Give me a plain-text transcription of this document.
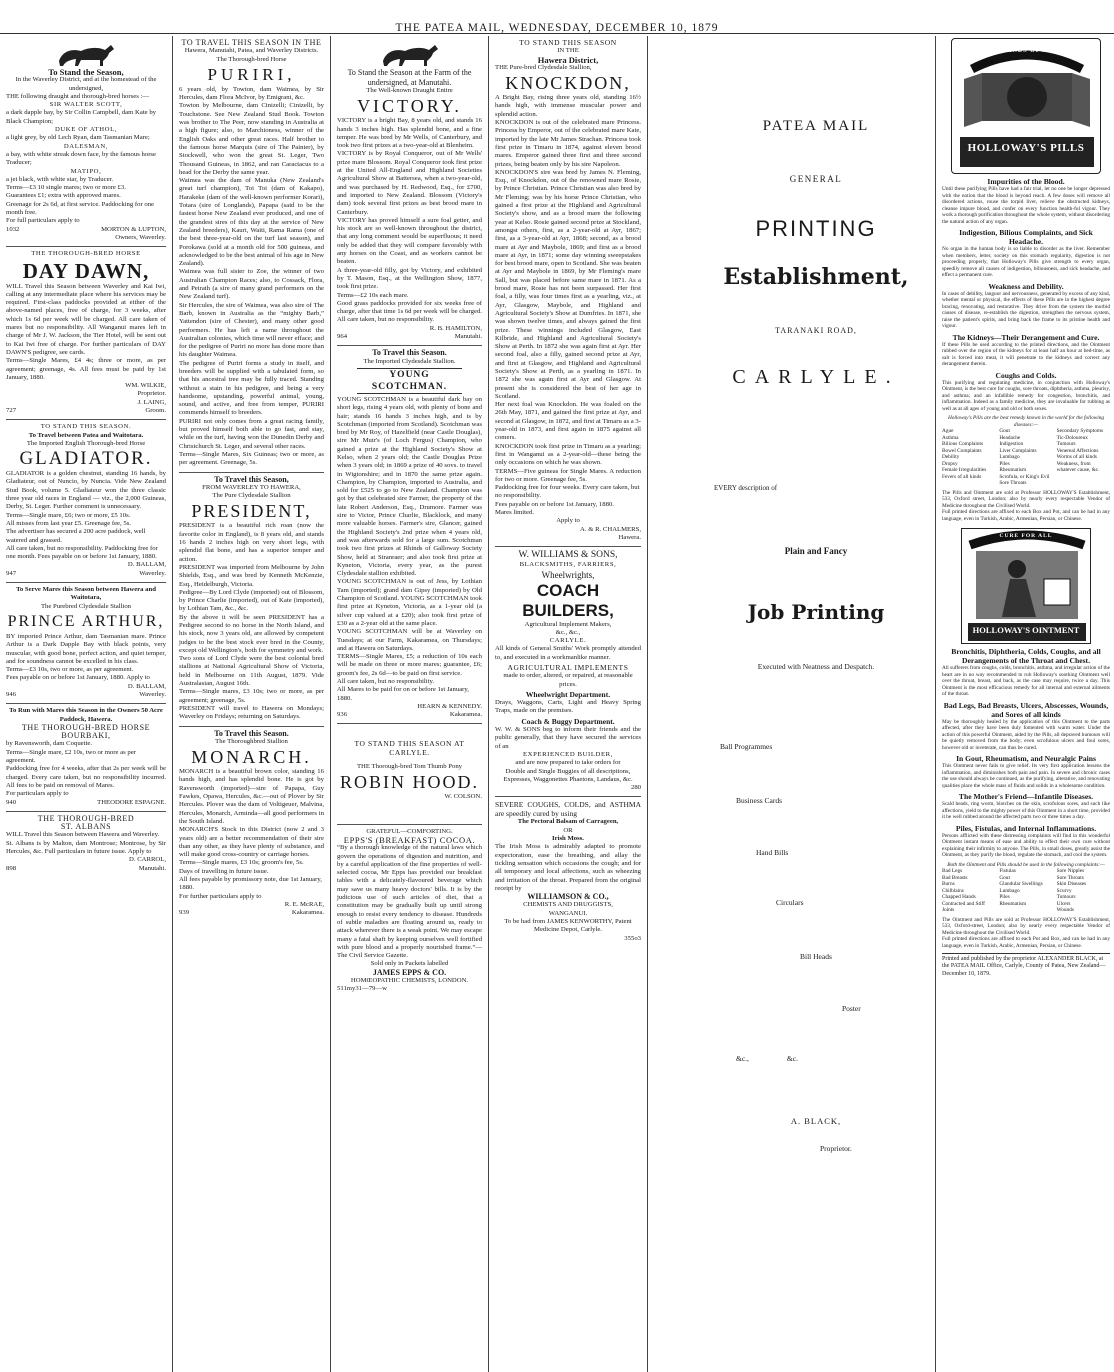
THE PATEA MAIL, WEDNESDAY, DECEMBER 10, 1879
To Stand the Season,
In the Waverley District, and at the homestead of the undersigned,
THE following draught and thorough-bred horses :—
SIR WALTER SCOTT,
a dark dapple bay, by Sir Collin Campbell, dam Kate by Black Champion;
DUKE OF ATHOL,
a light grey, by old Lech Ryan, dam Tasmanian Mare;
DALESMAN,
a bay, with white streak down face, by the famous horse Traducer;
MATIPO,
a jet black, with white star, by Traducer.
Terms—£3 10 single mares; two or more £3.
Guarantees £1; extra with approved mares.
Greenage for 2s 6d, at first service. Paddocking for one month free.
For full particulars apply to
1032	MORTON & LUPTON,
Owners, Waverley.
THE THOROUGH-BRED HORSE
DAY DAWN,
WILL Travel this Season between Waverley and Kai Iwi, calling at any intermediate place where his services may be required. First-class paddocks provided at either of the above-named places, free of charge, for 3 weeks, after which 1s 6d per week will be charged. All care taken of mares but no responsibility. All Wanganui mares left in charge of Mr J. W. Jackson, the Tier Hotel, will be sent out to Kai Iwi free of charge. For further particulars of DAY DAWN'S pedigree, see cards.
Terms—Single Mares, £4 4s; three or more, as per agreement; greenage, 4s. All fees must be paid by 1st January, 1880.
WM. WILKIE,
Proprietor.
J. LAING,
727	Groom.
TO STAND THIS SEASON.
To Travel between Patea and Waitotara.
The Imported English Thorough-bred Horse
GLADIATOR.
GLADIATOR is a golden chestnut, standing 16 hands, by Gladiateur, out of Nuncio, by Nuncia. Vide New Zealand Stud Book, volume 5. Gladiateur won the three classic three year old races in England — viz., the 2,000 Guineas, Derby, St. Leger. Further comment is unnecessary.
Terms—Single mare, £6; two or more, £5 10s.
All misses from last year £5. Greenage fee, 5s.
The advertiser has secured a 200 acre paddock, well watered and grassed.
All care taken, but no responsibility. Paddocking free for one month. Fees payable on or before 1st January, 1880.
D. BALLAM,
947	Waverley.
To Serve Mares this Season between Hawera and Waitotara,
The Purebred Clydesdale Stallion
PRINCE ARTHUR,
BY imported Prince Arthur, dam Tasmanian mare. Prince Arthur is a Dark Dapple Bay with black points, very muscular, with good bone, perfect action, and quiet temper, and for soundness cannot be excelled in his class.
Terms—£3 10s, two or more, as per agreement.
Fees payable on or before 1st January, 1880. Apply to
D. BALLAM,
946	Waverley.
To Run with Mares this Season in the Owners 50 Acre Paddock, Hawera.
THE THOROUGH-BRED HORSE
BOURBAKI,
by Ravensworth, dam Coquette.
Terms—Single mare, £2 10s, two or more as per agreement.
Paddocking free for 4 weeks, after that 2s per week will be charged. Every care taken, but no responsibility incurred. All fees to be paid on removal of Mares.
For particulars apply to
940	THEODORE ESPAGNE.
THE THOROUGH-BRED
ST. ALBANS
WILL Travel this Season between Hawera and Waverley.
St. Albans is by Malton, dam Montrose; Montrose, by Sir Hercules, &c. Full particulars in future issue. Apply to
D. CARROL,
898	Manutahi.
TO TRAVEL THIS SEASON IN THE
Hawera, Manutahi, Patea, and Waverley Districts.
The Thorough-bred Horse
PURIRI,
6 years old, by Towton, dam Waimea, by Sir Hercules, dam Flora McIvor, by Emigrant, &c.
Towton by Melbourne, dam Cinizelli; Cinizelli, by Touchstone. See New Zealand Stud Book. Towton was brother to The Peer, now standing in Australia at a high figure; also, to Marchioness, winner of the English Oaks and other great races. Half brother to the famous horse Marquis (sire of The Painter), by Stockwell, who won the great St. Leger, Two Thousand Guineas, in 1862, and ran Caractacus to a head for the Derby the same year.
Waimea was the dam of Manuka (New Zealand's great turf champion), Toi Toi (dam of Kakapo), Harakeke (dam of the well-known performer Korari), Totara (sire of Longlands), Papapa (said to be the fastest horse New Zealand ever produced, and one of the grandest sires of this day at the service of New Zealand breeders), Kauri, Waiti, Rama Rama (one of the best three-year-old on the turf last season), and Porokawa (sold at a month old for 500 guineas, and acknowledged to be the best animal of his age in New Zealand).
Waimea was full sister to Zoe, the winner of two Australian Champion Races; also, to Cossack, Flora, and Peirath (a sire of many grand performers on the New Zealand turf).
Sir Hercules, the sire of Waimea, was also sire of The Barb, known in Australia as the “mighty Barb,” Yattendon (sire of Chester), and many other good performers. He has left a name throughout the Australian colonies, which time will never efface; and for the pedigree of Puriri no more has done more than his daughter Waimea.
The pedigree of Puriri forms a study in itself, and breeders will be supplied with a tabulated form, so that his ancestral tree may be fully traced. Standing without a stain in his pedigree, and being a very handsome, upstanding, powerful animal, young, sound, and active, and free from temper, PURIRI commends himself to breeders.
PURIRI not only comes from a great racing family, but proved himself both able to go fast, and stay, while on the turf, having won the Dunedin Derby and Christchurch St. Leger, and several other races.
Terms—Single Mares, Six Guineas; two or more, as per agreement. Greenage, 5s.
To Travel this Season,
FROM WAVERLEY TO HAWERA,
The Pure Clydesdale Stallion
PRESIDENT,
PRESIDENT is a beautiful rich roan (now the favorite color in England), is 8 years old, and stands 16 hands 2 inches high on very short legs, with splendid flat bone, and has a superior temper and action.
PRESIDENT was imported from Melbourne by John Shields, Esq., and was bred by Kenneth McKenzie, Esq., Heidelburgh, Victoria.
Pedigree—By Lord Clyde (imported) out of Blossom, by Prince Charlie (imported), out of Kate (imported), by Lothian Tam, &c., &c.
By the above it will be seen PRESIDENT has a Pedigree second to no horse in the North Island, and his stock, now 3 years old, are allowed by competent judges to be the best stock ever bred in the County, except old Wellington's, both for symmetry and work.
Two sons of Lord Clyde were the best colonial bred stallions at National Agricultural Show of Victoria, held in Melbourne on 11th August, 1879. Vide Australasian, August 16th.
Terms—Single mares, £3 10s; two or more, as per agreement; greenage, 5s.
PRESIDENT will travel to Hawera on Mondays; Waverley on Fridays; returning on Saturdays.
To Travel this Season.
The Thoroughbred Stallion
MONARCH.
MONARCH is a beautiful brown color, standing 16 hands high, and has splendid bone. He is got by Ravensworth (imported)—sire of Papapa, Guy Fawkes, Opawa, Hercules, &c.—out of Plover by Sir Hercules. Plover was the dam of Voltigeuer, Malvina, Hercules, Monarch, Arminda—all good performers in the South Island.
MONARCH'S Stock in this District (now 2 and 3 years old) are a better recommendation of their sire than any other, as they have plenty of substance, and will make good cross-country or carriage horses.
Terms—Single mares, £3 10s; groom's fee, 5s.
Days of travelling in future issue.
All fees payable by promissory note, due 1st January, 1880.
For further particulars apply to
R. E. McRAE,
939	Kakaramea.
To Stand the Season at the Farm of the undersigned, at Manutahi.
The Well-known Draught Entire
VICTORY.
VICTORY is a bright Bay, 8 years old, and stands 16 hands 3 inches high. Has splendid bone, and a fine temper. He was bred by Mr Wells, of Canterbury, and took two first prizes at a two-year-old at Blenheim.
VICTORY is by Royal Conqueror, out of Mr Wells' prize mare Blossom. Royal Conqueror took first prize at the United All-England and Highland Societies Agricultural Show at Battersea, when a two-year-old, and was purchased by H. Redwood, Esq., for £700, and imported to New Zealand. Blossom (Victory's dam) took several first prizes as best brood mare in Canterbury.
VICTORY has proved himself a sure foal getter, and his stock are so well-known throughout the district, that any long comment would be superfluous; it need only be added that they will compare favorably with any horses on the Coast, and as workers cannot be beaten.
A three-year-old filly, got by Victory, and exhibited by T. Mason, Esq., at the Wellington Show, 1877, took first prize.
Terms—£2 10s each mare.
Good grass paddocks provided for six weeks free of charge, after that time 1s 6d per week will be charged.
All care taken, but no responsibility.
R. B. HAMILTON,
964	Manutahi.
To Travel this Season.
The Imported Clydesdale Stallion.
YOUNG SCOTCHMAN.
YOUNG SCOTCHMAN is a beautiful dark bay on short legs, rising 4 years old, with plenty of bone and hair; stands 16 hands 3 inches high, and is by Scotchman (imported from Scotland). Scotchman was bred by Mr Roy, of Hazelfield (near Castle Douglas), sire Mr Muir's (of Loch Fergus) Champion, who gained a prize at the Highland Society's Show at Kelso, when 2 years old; the Castle Douglas Prize when 3 years old; in 1869 a prize of 40 sovs. to travel in Wigtonshire; and in 1870 the same prize again. Champion, by Champion, imported to Australia, and sold for £525 to go to New Zealand. Champion was got by that celebrated sire Farmer, the property of the late Robert Anderson, Esq., Drumore. Farmer was sire to Victor, Prince Charlie, Blacklock, and many more valuable horses. Farmer's sire, Glancer, gained the Highland Society's 2nd prize when 4 years old, and was afterwards sold for a large sum. Scotchman took two first prizes at Rhinds of Galloway Society Show, held at Stranraer; and also took first prize at Kyneton, Victoria, every year, as the purest Clydesdale stallion exhibited.
YOUNG SCOTCHMAN is out of Jess, by Lothian Tam (imported); grand dam Gipsy (imported) by Old Champion of Scotland. YOUNG SCOTCHMAN took first prize at Kyneton, Victoria, as a 1-year old (a silver cup valued at a £20); also took first prize of £30 as a 2-year old at the same place.
YOUNG SCOTCHMAN will be at Waverley on Tuesdays; at our Farm, Kakaramea, on Thursdays; and at Hawera on Saturdays.
TERMS—Single Mares, £5; a reduction of 10s each will be made on three or more mares; guarantee, £6; groom's fee, 2s 6d—to be paid on first service.
All care taken, but no responsibility.
All Mares to be paid for on or before 1st January, 1880.
HEARN & KENNEDY.
936	Kakaramea.
TO STAND THIS SEASON AT CARLYLE.
THE Thorough-bred Tom Thumb Pony
ROBIN HOOD.
W. COLSON.
GRATEFUL—COMFORTING.
EPPS'S (BREAKFAST) COCOA.
“By a thorough knowledge of the natural laws which govern the operations of digestion and nutrition, and by a careful application of the fine properties of well-selected cocoa, Mr Epps has provided our breakfast tables with a delicately-flavoured beverage which may save us many heavy doctors' bills. It is by the judicious use of such articles of diet, that a constitution may be gradually built up until strong enough to resist every tendency to disease. Hundreds of subtle maladies are floating around us, ready to attack wherever there is a weak point. We may escape many a fatal shaft by keeping ourselves well fortified with pure blood and a properly nourished frame.”—The Civil Service Gazette.
Sold only in Packets labelled
JAMES EPPS & CO.
HOMŒOPATHIC CHEMISTS, LONDON.
511my31—79—w
TO STAND THIS SEASON
IN THE
Hawera District,
THE Pure-bred Clydesdale Stallion,
KNOCKDON,
A Bright Bay, rising three years old, standing 16½ hands high, with immense muscular power and splendid action.
KNOCKDON is out of the celebrated mare Princess. Princess by Emperor, out of the celebrated mare Kate, imported by the late Mr James Strachan. Princess took first prize in Timaru in 1874, against eleven brood mares. Emperor gained three first and three second prizes, being beaten only by his sire Napoleon.
KNOCKDON'S sire was bred by James N. Fleming, Esq., of Knockdon, out of the renowned mare Rosie, by Prince Christian. Prince Christian was also bred by Mr Fleming; was by his horse Prince Christian, who gained a first prize at the Highland and Agricultural Society's show, and as a brood mare the following year at Kelso. Rosie gained second prize at Stockland, amongst others, first, as a 2-year-old at Ayr, 1867; first, as a 3-year-old at Ayr, 1868; second, as a brood mare at Ayr and Maybole, 1869; and first as a brood mare at Ayr, in 1871; some day winning sweepstakes for best brood mare, open to Scotland. She was beaten at Ayr and Maybole in 1869, by Mr Fleming's mare Sall, but was placed before same mare in 1871. As a brood mare, Rosie has not been surpassed. Her first foal, a filly, was four times first as a yearling, viz., at Ayr, Glasgow, Maybole, and Highland and Agricultural Society's Show at Dumfries. In 1871, she was shown twelve times, and always gained the first prize. These winnings included Glasgow, East Kilbride, and Highland and Agricultural Society's Show at Perth. In 1872 she was again first at Ayr. Her second foal, also a filly, gained second prize at Ayr, and first at Glasgow, and Highland and Agricultural Society's Show at Perth, as a yearling in 1871. In 1872 she was again first at Ayr and Glasgow. At present she is considered the best of her age in Scotland.
Her next foal was Knockdon. He was foaled on the 26th May, 1871, and gained the first prize at Ayr, and second at Glasgow, in 1872, and first at Timaru as a 3-year-old in 1873, and first again in 1875 against all comers.
KNOCKDON took first prize in Timaru as a yearling; first in Wanganui as a 2-year-old—these being the only occasions on which he was shown.
TERMS—Five guineas for Single Mares. A reduction for two or more. Greenage fee, 5s.
Paddocking free for four weeks. Every care taken, but no responsibility.
Fees payable on or before 1st January, 1880.
Mares limited.
Apply to
A. & R. CHALMERS,
Hawera.
W. WILLIAMS & SONS,
BLACKSMITHS, FARRIERS,
Wheelwrights,
COACH BUILDERS,
Agricultural Implement Makers,
&c., &c.,
CARLYLE.
All kinds of General Smiths' Work promptly attended to, and executed in a workmanlike manner.
AGRICULTURAL IMPLEMENTS
made to order, altered, or repaired, at reasonable prices.
Wheelwright Department.
Drays, Waggons, Carts, Light and Heavy Spring Traps, made on the premises.
Coach & Buggy Department.
W. W. & SONS beg to inform their friends and the public generally, that they have secured the services of an
EXPERIENCED BUILDER,
and are now prepared to take orders for
Double and Single Buggies of all descriptions,
Expresses, Waggonettes Phaetons, Landaus, &c.
280
SEVERE COUGHS, COLDS, and ASTHMA are speedily cured by using
The Pectoral Balsam of Carrageen,
OR
Irish Moss.
The Irish Moss is admirably adapted to promote expectoration, ease the breathing, and allay the tickling sensation which occasions the cough; and for all temporary and local affections, such as wheezing and irritation of the throat. Prepared from the original receipt by
WILLIAMSON & CO.,
CHEMISTS AND DRUGGISTS,
WANGANUI.
To be had from JAMES KENWORTHY, Patent Medicine Depot, Carlyle.
355o3
PATEA MAIL
GENERAL
PRINTING
Establishment,
TARANAKI ROAD,
CARLYLE.
EVERY description of
Plain and Fancy
Job Printing
Executed with Neatness and Despatch.
Ball Programmes
Business Cards
Hand Bills
Circulars
Bill Heads
Poster
&c.,	&c.
A. BLACK,
Proprietor.
FRIENDS OF ALL
HOLLOWAY'S PILLS
Impurities of the Blood.
Until these purifying Pills have had a fair trial, let no one be longer depressed with the notion that the blood is beyond reach. A few doses will remove all disordered actions, rouse the torpid liver, relieve the obstructed kidneys, cleanse impure blood, and confer on every function health-ful vigour. They work a thorough purification throughout the whole system, without disordering the natural action of any organ.
Indigestion, Bilious Complaints, and Sick Headache.
No organ in the human body is so liable to disorder as the liver. Remember when members, letter, society on this stomach regularity, digestion is not proceeding properly, that Holloway's Pills give strength to every organ, speedily remove all causes of indigestion, biliousness, and sick headache, and effect a permanent cure.
Weakness and Debility.
In cases of debility, languor and nervousness, generated by excess of any kind, whether mental or physical, the effects of these Pills are in the highest degree bracing, renovating, and restorative. They drive from the system the morbid causes of disease, re-establish the digestion, strengthen the nervous system, raise the patient's spirits, and bring back the frame to its pristine health and vigour.
The Kidneys—Their Derangement and Cure.
If these Pills be used according to the printed directions, and the Ointment rubbed over the region of the kidneys for at least half an hour at bed-time, as salt is forced into meat, it will penetrate to the kidneys and correct any derangement therein.
Coughs and Colds.
This purifying and regulating medicine, in conjunction with Holloway's Ointment, is the best cure for coughs, sore throats, diphtheria, asthma, pleurisy, and asthma; and an infallible remedy for congestion, bronchitis, and inflammation. Indeed as a family medicine, they are invaluable for rubbing as well as at all ages of young and old or both sexes.
Holloway's Pills are the best remedy known in the world for the following diseases:—
Ague
Asthma
Bilious Complaints
Bowel Complaints
Debility
Dropsy
Female Irregularities
Fevers of all kinds
Gout
Headache
Indigestion
Liver Complaints
Lumbago
Piles
Rheumatism
Scrofula, or King's Evil
Sore Throats
Secondary Symptoms
Tic-Doloureux
Tumours
Venereal Affections
Worms of all kinds
Weakness, from whatever cause, &c.
The Pills and Ointment are sold at Professor HOLLOWAY'S Establishment, 533, Oxford street, London; also by nearly every respectable Vendor of Medicine throughout the Civilised World.
Full printed directions are affixed to each Box and Pot, and can be had in any language, even in Turkish, Arabic, Armenian, Persian, or Chinese.
CURE FOR ALL
HOLLOWAY'S OINTMENT
Bronchitis, Diphtheria, Colds, Coughs, and all Derangements of the Throat and Chest.
All sufferers from coughs, colds, bronchitis, asthma, and irregular action of the heart are in no way recommended to rub Holloway's soothing Ointment well over the throat, breast, and back, as the case may require, twice a day. This Ointment is the most efficacious remedy for all internal and external ailments of the throat.
Bad Legs, Bad Breasts, Ulcers, Abscesses, Wounds, and Sores of all kinds
May be thoroughly healed by the application of this Ointment to the parts affected, after they have been duly fomented with warm water. Under the action of this powerful Ointment, aided by the Pills, all depraved humours will be quietly removed from the body; even scrofulous ulcers and foul sores, however old or inveterate, can thus be cured.
In Gout, Rheumatism, and Neuralgic Pains
This Ointment never fails to give relief. Its very first application lessens the inflammation, and diminishes both pain and pain. In severe and chronic cases the use should always be continued, as the purifying, alterative, and renovating qualities place the whole mass of fluids and solids in a wholesome condition.
The Mother's Friend—Infantile Diseases.
Scald heads, ring worm, blotches on the skin, scrofulous sores, and such like affections, yield to the mighty power of this Ointment in a short time, provided it be well rubbed around the affected parts two or three times a day.
Piles, Fistulas, and Internal Inflammations.
Persons afflicted with these distressing complaints will find in this wonderful Ointment instant means of ease and ability to effect their own cure without explaining their infirmity to anyone. The Pills, in small doses, greatly assist the Ointment, as they purify the blood, regulate the stomach, and cool the system.
Both the Ointment and Pills should be used in the following complaints:—
Bad Legs
Bad Breasts
Burns
Chilblains
Chapped Hands
Contracted and Stiff Joints
Fistulas
Gout
Glandular Swellings
Lumbago
Piles
Rheumatism
Sore Nipples
Sore Throats
Skin Diseases
Scurvy
Tumours
Ulcers
Wounds
The Ointment and Pills are sold at Professor HOLLOWAY'S Establishment, 533, Oxford-street, London; also by nearly every respectable Vendor of Medicine throughout the Civilised World.
Full printed directions are affixed to each Pot and Box, and can be had in any language, even in Turkish, Arabic, Armenian, Persian, or Chinese.
Printed and published by the proprietor ALEXANDER BLACK, at the PATEA MAIL Office, Carlyle, County of Patea, New Zealand—December 10, 1879.
